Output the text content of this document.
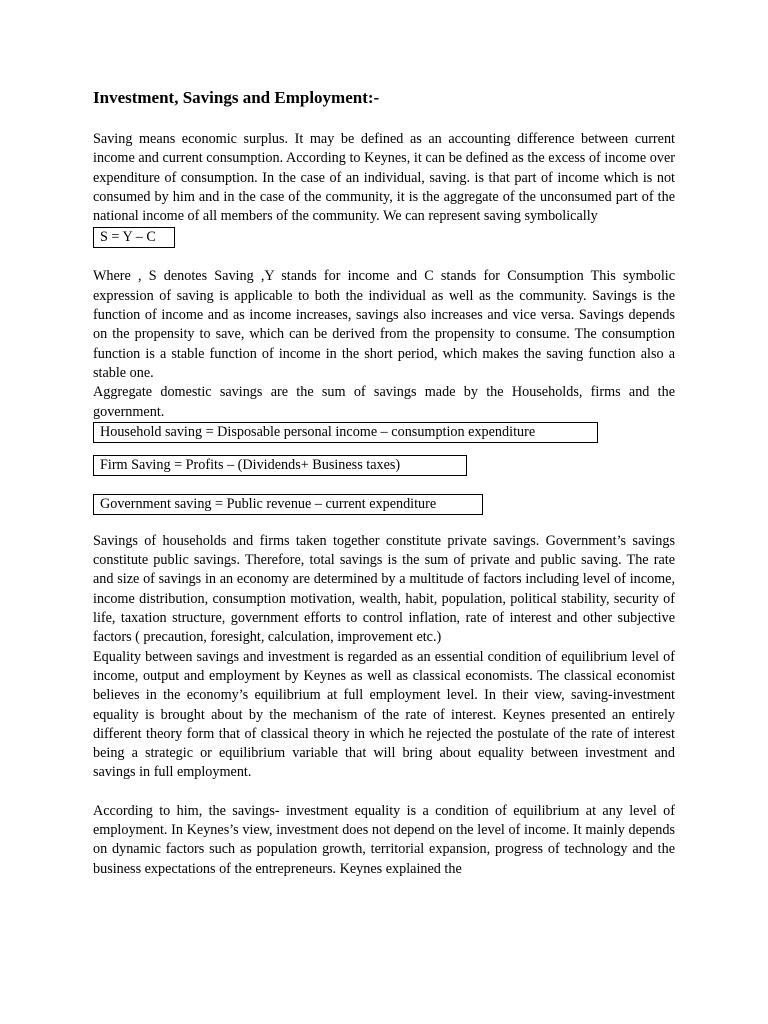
Investment, Savings and Employment:-

Saving means economic surplus. It may be defined as an accounting difference between current income and current consumption. According to Keynes, it can be defined as the excess of income over expenditure of consumption. In the case of an individual, saving. is that part of income which is not consumed by him and in the case of the community, it is the aggregate of the unconsumed part of the national income of all members of the community. We can represent saving symbolically

S = Y – C

Where , S denotes Saving ,Y stands for income and C stands for Consumption This symbolic expression of saving is applicable to both the individual as well as the community. Savings is the function of income and as income increases, savings also increases and vice versa. Savings depends on the propensity to save, which can be derived from the propensity to consume. The consumption function is a stable function of income in the short period, which makes the saving function also a stable one.

Aggregate domestic savings are the sum of savings made by the Households, firms and the government.

Household saving = Disposable personal income – consumption expenditure
Firm Saving = Profits – (Dividends+ Business taxes)
Government saving = Public revenue – current expenditure

Savings of households and firms taken together constitute private savings. Government’s savings constitute public savings. Therefore, total savings is the sum of private and public saving. The rate and size of savings in an economy are determined by a multitude of factors including level of income, income distribution, consumption motivation, wealth, habit, population, political stability, security of life, taxation structure, government efforts to control inflation, rate of interest and other subjective factors ( precaution, foresight, calculation, improvement etc.)

Equality between savings and investment is regarded as an essential condition of equilibrium level of income, output and employment by Keynes as well as classical economists. The classical economist believes in the economy’s equilibrium at full employment level. In their view, saving-investment equality is brought about by the mechanism of the rate of interest. Keynes presented an entirely different theory form that of classical theory in which he rejected the postulate of the rate of interest being a strategic or equilibrium variable that will bring about equality between investment and savings in full employment.

According to him, the savings- investment equality is a condition of equilibrium at any level of employment. In Keynes’s view, investment does not depend on the level of income. It mainly depends on dynamic factors such as population growth, territorial expansion, progress of technology and the business expectations of the entrepreneurs. Keynes explained the
